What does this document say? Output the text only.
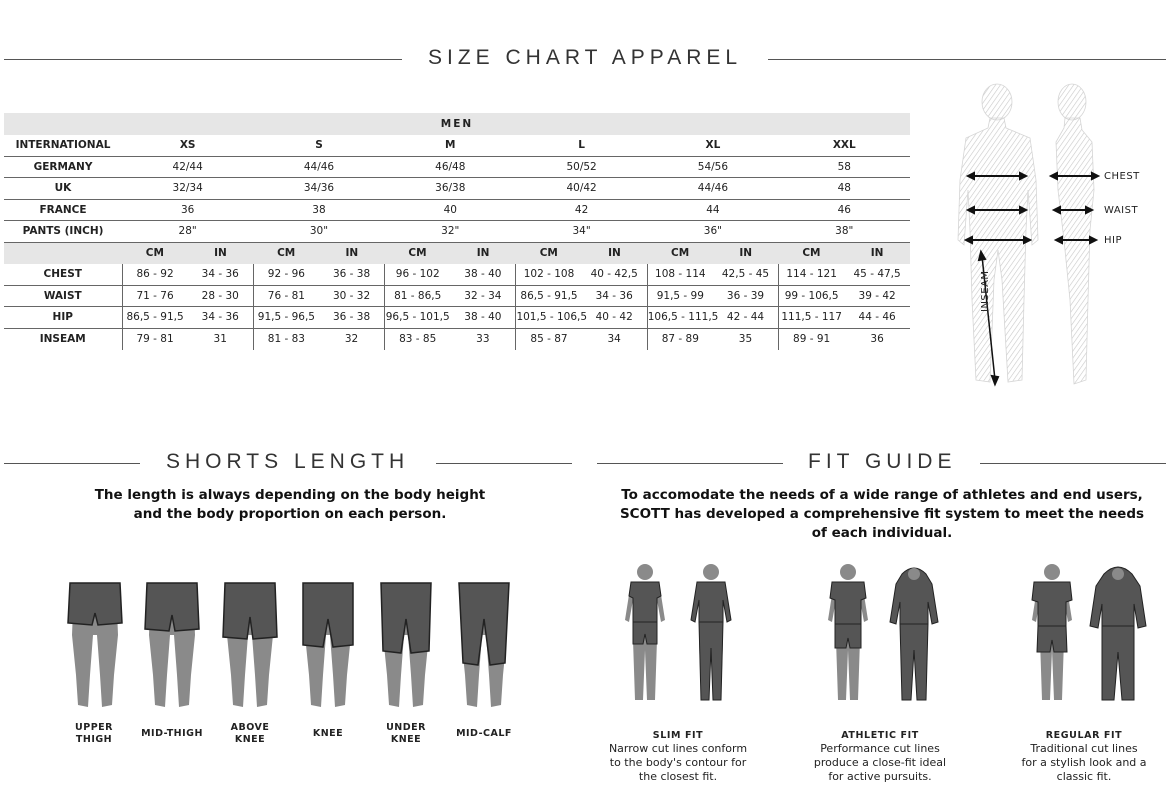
SIZE CHART APPAREL
MEN												
INTERNATIONAL	XS		S		M		L		XL		XXL	
GERMANY	42/44		44/46		46/48		50/52		54/56		58	
UK	32/34		34/36		36/38		40/42		44/46		48	
FRANCE	36		38		40		42		44		46	
PANTS (INCH)	28"		30"		32"		34"		36"		38"	
	CM	IN	CM	IN	CM	IN	CM	IN	CM	IN	CM	IN
CHEST	86 - 92	34 - 36	92 - 96	36 - 38	96 - 102	38 - 40	102 - 108	40 - 42,5	108 - 114	42,5 - 45	114 - 121	45 - 47,5
WAIST	71 - 76	28 - 30	76 - 81	30 - 32	81 - 86,5	32 - 34	86,5 - 91,5	34 - 36	91,5 - 99	36 - 39	99 - 106,5	39 - 42
HIP	86,5 - 91,5	34 - 36	91,5 - 96,5	36 - 38	96,5 - 101,5	38 - 40	101,5 - 106,5	40 - 42	106,5 - 111,5	42 - 44	111,5 - 117	44 - 46
INSEAM	79 - 81	31	81 - 83	32	83 - 85	33	85 - 87	34	87 - 89	35	89 - 91	36
CHEST
WAIST
HIP
INSEAM
SHORTS LENGTH
The length is always depending on the body height
and the body proportion on each person.
UPPER
THIGH
MID-THIGH
ABOVE
KNEE
KNEE
UNDER
KNEE
MID-CALF
FIT GUIDE
To accomodate the needs of a wide range of athletes and end users,
SCOTT has developed a comprehensive fit system to meet the needs
of each individual.
SLIM FIT
Narrow cut lines conform
to the body's contour for
the closest fit.
ATHLETIC FIT
Performance cut lines
produce a close-fit ideal
for active pursuits.
REGULAR FIT
Traditional cut lines
for a stylish look and a
classic fit.
